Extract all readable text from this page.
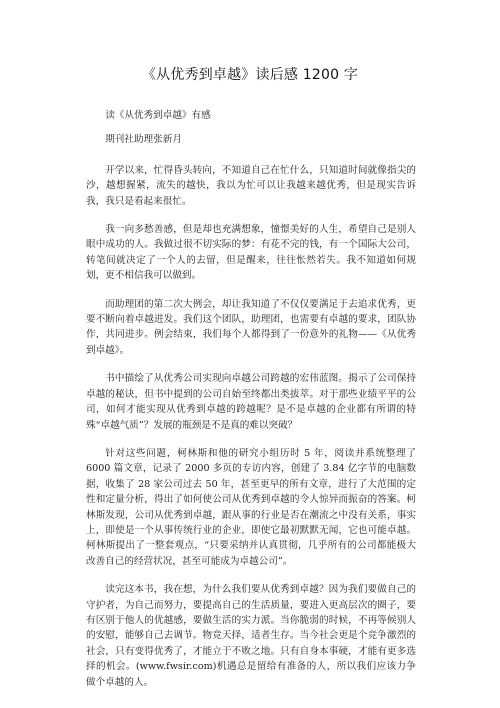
《从优秀到卓越》读后感 1200 字

读《从优秀到卓越》有感

期刊社助理张新月

开学以来，忙得昏头转向，不知道自己在忙什么，只知道时间就像指尖的沙，越想握紧，流失的越快，我以为忙可以让我越来越优秀，但是现实告诉我，我只是看起来很忙。

我一向多愁善感，但是却也充满想象，憧憬美好的人生，希望自己是别人眼中成功的人。我做过很不切实际的梦：有花不完的钱，有一个国际大公司，转笔间就决定了一个人的去留，但是醒来，往往怅然若失。我不知道如何规划，更不相信我可以做到。

而助理团的第二次大例会，却让我知道了不仅仅要满足于去追求优秀，更要不断向着卓越进发。我们这个团队，助理团，也需要有卓越的要求，团队协作，共同进步。例会结束，我们每个人都得到了一份意外的礼物——《从优秀到卓越》。

书中描绘了从优秀公司实现向卓越公司跨越的宏伟蓝图。揭示了公司保持卓越的秘诀，但书中提到的公司自始至终都出类拔萃。对于那些业绩平平的公司，如何才能实现从优秀到卓越的跨越呢？是不是卓越的企业都有所谓的特殊“卓越气质”？发展的瓶颈是不是真的难以突破？

针对这些问题，柯林斯和他的研究小组历时 5 年，阅读并系统整理了 6000 篇文章，记录了 2000 多页的专访内容，创建了 3.84 亿字节的电脑数据，收集了 28 家公司过去 50 年，甚至更早的所有文章，进行了大范围的定性和定量分析，得出了如何使公司从优秀到卓越的令人惊异而振奋的答案。柯林斯发现，公司从优秀到卓越，跟从事的行业是否在潮流之中没有关系，事实上，即使是一个从事传统行业的企业，即使它最初默默无闻，它也可能卓越。柯林斯提出了一整套观点，“只要采纳并认真贯彻，几乎所有的公司都能极大改善自己的经营状况，甚至可能成为卓越公司”。

读完这本书，我在想，为什么我们要从优秀到卓越？因为我们要做自己的守护者，为自己而努力，要提高自己的生活质量，要进入更高层次的圈子，要有区别于他人的优越感，要做生活的实力派。当你脆弱的时候，不再等候别人的安慰，能够自己去调节。物竞天择，适者生存。当今社会更是个竞争激烈的社会，只有变得优秀了，才能立于不败之地。只有自身本事硬，才能有更多选择的机会。(www.fwsir.com)机遇总是留给有准备的人，所以我们应该力争做个卓越的人。
